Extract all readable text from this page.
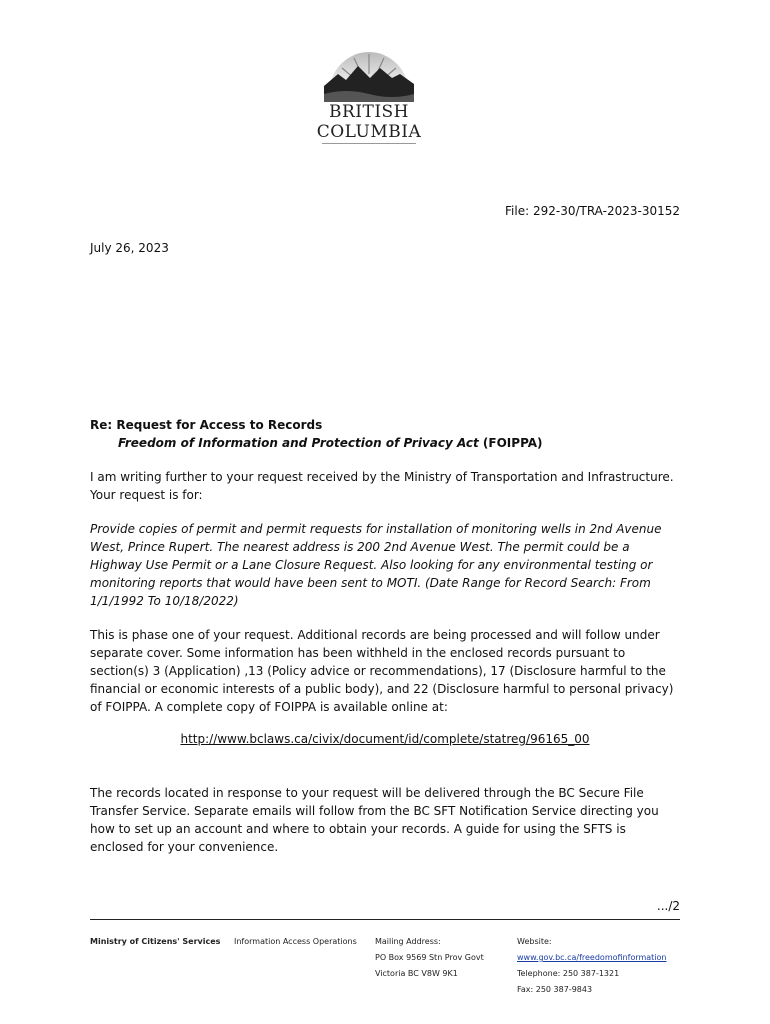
BRITISH
COLUMBIA
File: 292-30/TRA-2023-30152
July 26, 2023
Re: Request for Access to Records
Freedom of Information and Protection of Privacy Act (FOIPPA)

I am writing further to your request received by the Ministry of Transportation and Infrastructure. Your request is for:

Provide copies of permit and permit requests for installation of monitoring wells in 2nd Avenue West, Prince Rupert. The nearest address is 200 2nd Avenue West. The permit could be a Highway Use Permit or a Lane Closure Request. Also looking for any environmental testing or monitoring reports that would have been sent to MOTI. (Date Range for Record Search: From 1/1/1992 To 10/18/2022)

This is phase one of your request. Additional records are being processed and will follow under separate cover. Some information has been withheld in the enclosed records pursuant to section(s) 3 (Application) ,13 (Policy advice or recommendations), 17 (Disclosure harmful to the financial or economic interests of a public body), and 22 (Disclosure harmful to personal privacy) of FOIPPA. A complete copy of FOIPPA is available online at:

http://www.bclaws.ca/civix/document/id/complete/statreg/96165_00

The records located in response to your request will be delivered through the BC Secure File Transfer Service. Separate emails will follow from the BC SFT Notification Service directing you how to set up an account and where to obtain your records. A guide for using the SFTS is enclosed for your convenience.

.../2
Ministry of Citizens' Services Information Access Operations Mailing Address:
PO Box 9569 Stn Prov Govt
Victoria BC V8W 9K1
Website:
www.gov.bc.ca/freedomofinformation
Telephone: 250 387-1321
Fax: 250 387-9843
